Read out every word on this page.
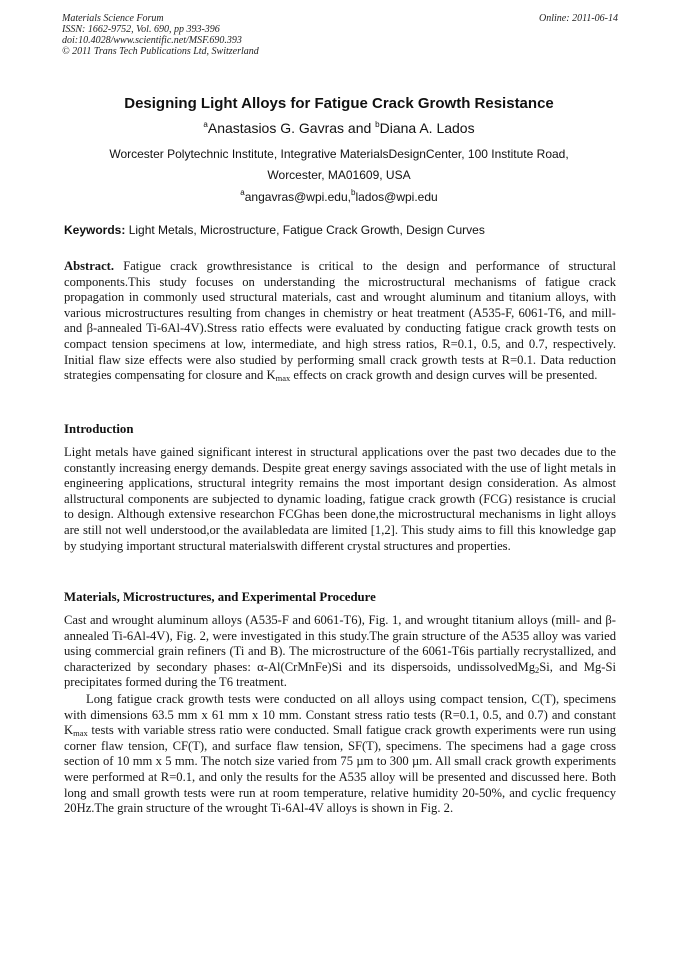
Materials Science Forum
ISSN: 1662-9752, Vol. 690, pp 393-396
doi:10.4028/www.scientific.net/MSF.690.393
© 2011 Trans Tech Publications Ltd, Switzerland
Online: 2011-06-14
Designing Light Alloys for Fatigue Crack Growth Resistance
$^a$Anastasios G. Gavras and $^b$Diana A. Lados
Worcester Polytechnic Institute, Integrative MaterialsDesignCenter, 100 Institute Road,
Worcester, MA01609, USA
$^a$angavras@wpi.edu,$^b$lados@wpi.edu
Keywords: Light Metals, Microstructure, Fatigue Crack Growth, Design Curves
Abstract. Fatigue crack growthresistance is critical to the design and performance of structural components.This study focuses on understanding the microstructural mechanisms of fatigue crack propagation in commonly used structural materials, cast and wrought aluminum and titanium alloys, with various microstructures resulting from changes in chemistry or heat treatment (A535-F, 6061-T6, and mill- and β-annealed Ti-6Al-4V).Stress ratio effects were evaluated by conducting fatigue crack growth tests on compact tension specimens at low, intermediate, and high stress ratios, R=0.1, 0.5, and 0.7, respectively. Initial flaw size effects were also studied by performing small crack growth tests at R=0.1. Data reduction strategies compensating for closure and $K_{max}$ effects on crack growth and design curves will be presented.
Introduction
Light metals have gained significant interest in structural applications over the past two decades due to the constantly increasing energy demands. Despite great energy savings associated with the use of light metals in engineering applications, structural integrity remains the most important design consideration. As almost allstructural components are subjected to dynamic loading, fatigue crack growth (FCG) resistance is crucial to design. Although extensive researchon FCGhas been done,the microstructural mechanisms in light alloys are still not well understood,or the availabledata are limited [1,2]. This study aims to fill this knowledge gap by studying important structural materialswith different crystal structures and properties.
Materials, Microstructures, and Experimental Procedure
Cast and wrought aluminum alloys (A535-F and 6061-T6), Fig. 1, and wrought titanium alloys (mill- and β-annealed Ti-6Al-4V), Fig. 2, were investigated in this study.The grain structure of the A535 alloy was varied using commercial grain refiners (Ti and B). The microstructure of the 6061-T6is partially recrystallized, and characterized by secondary phases: α-Al(CrMnFe)Si and its dispersoids, undissolvedMg$_2$Si, and Mg-Si precipitates formed during the T6 treatment.
Long fatigue crack growth tests were conducted on all alloys using compact tension, C(T), specimens with dimensions 63.5 mm x 61 mm x 10 mm. Constant stress ratio tests (R=0.1, 0.5, and 0.7) and constant $K_{max}$ tests with variable stress ratio were conducted. Small fatigue crack growth experiments were run using corner flaw tension, CF(T), and surface flaw tension, SF(T), specimens. The specimens had a gage cross section of 10 mm x 5 mm. The notch size varied from 75 µm to 300 µm. All small crack growth experiments were performed at R=0.1, and only the results for the A535 alloy will be presented and discussed here. Both long and small growth tests were run at room temperature, relative humidity 20-50%, and cyclic frequency 20Hz.The grain structure of the wrought Ti-6Al-4V alloys is shown in Fig. 2.
